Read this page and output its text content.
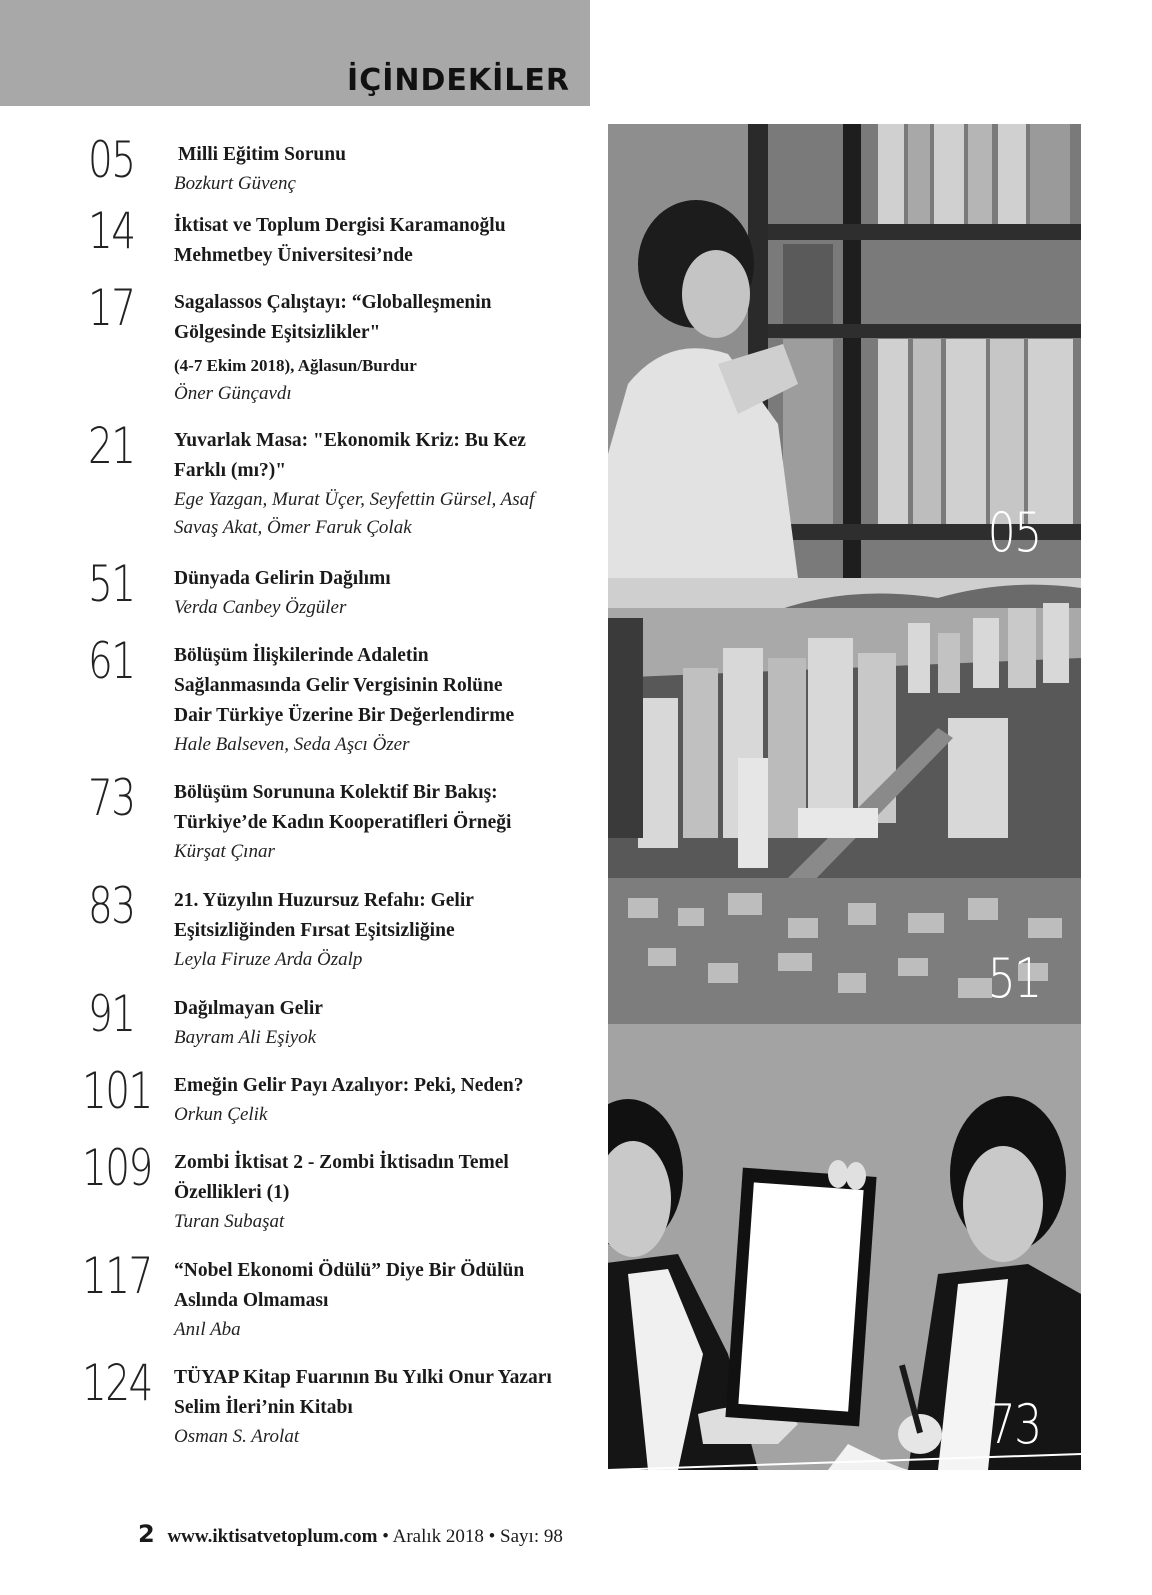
İÇİNDEKİLER
05 Milli Eğitim Sorunu

Bozkurt Güvenç

14 İktisat ve Toplum Dergisi Karamanoğlu

Mehmetbey Üniversitesi’nde

17 Sagalassos Çalıştayı: “Globalleşmenin

Gölgesinde Eşitsizlikler"

(4-7 Ekim 2018), Ağlasun/Burdur

Öner Günçavdı

21 Yuvarlak Masa: "Ekonomik Kriz: Bu Kez

Farklı (mı?)"

Ege Yazgan, Murat Üçer, Seyfettin Gürsel, Asaf

Savaş Akat, Ömer Faruk Çolak

51 Dünyada Gelirin Dağılımı

Verda Canbey Özgüler

61 Bölüşüm İlişkilerinde Adaletin

Sağlanmasında Gelir Vergisinin Rolüne

Dair Türkiye Üzerine Bir Değerlendirme

Hale Balseven, Seda Aşcı Özer

73 Bölüşüm Sorununa Kolektif Bir Bakış:

Türkiye’de Kadın Kooperatifleri Örneği

Kürşat Çınar

83 21. Yüzyılın Huzursuz Refahı: Gelir

Eşitsizliğinden Fırsat Eşitsizliğine

Leyla Firuze Arda Özalp

91 Dağılmayan Gelir

Bayram Ali Eşiyok

101 Emeğin Gelir Payı Azalıyor: Peki, Neden?

Orkun Çelik

109 Zombi İktisat 2 - Zombi İktisadın Temel

Özellikleri (1)

Turan Subaşat

117 “Nobel Ekonomi Ödülü” Diye Bir Ödülün

Aslında Olmaması

Anıl Aba

124 TÜYAP Kitap Fuarının Bu Yılki Onur Yazarı

Selim İleri’nin Kitabı

Osman S. Arolat

05
51
73
2 www.iktisatvetoplum.com • Aralık 2018 • Sayı: 98
